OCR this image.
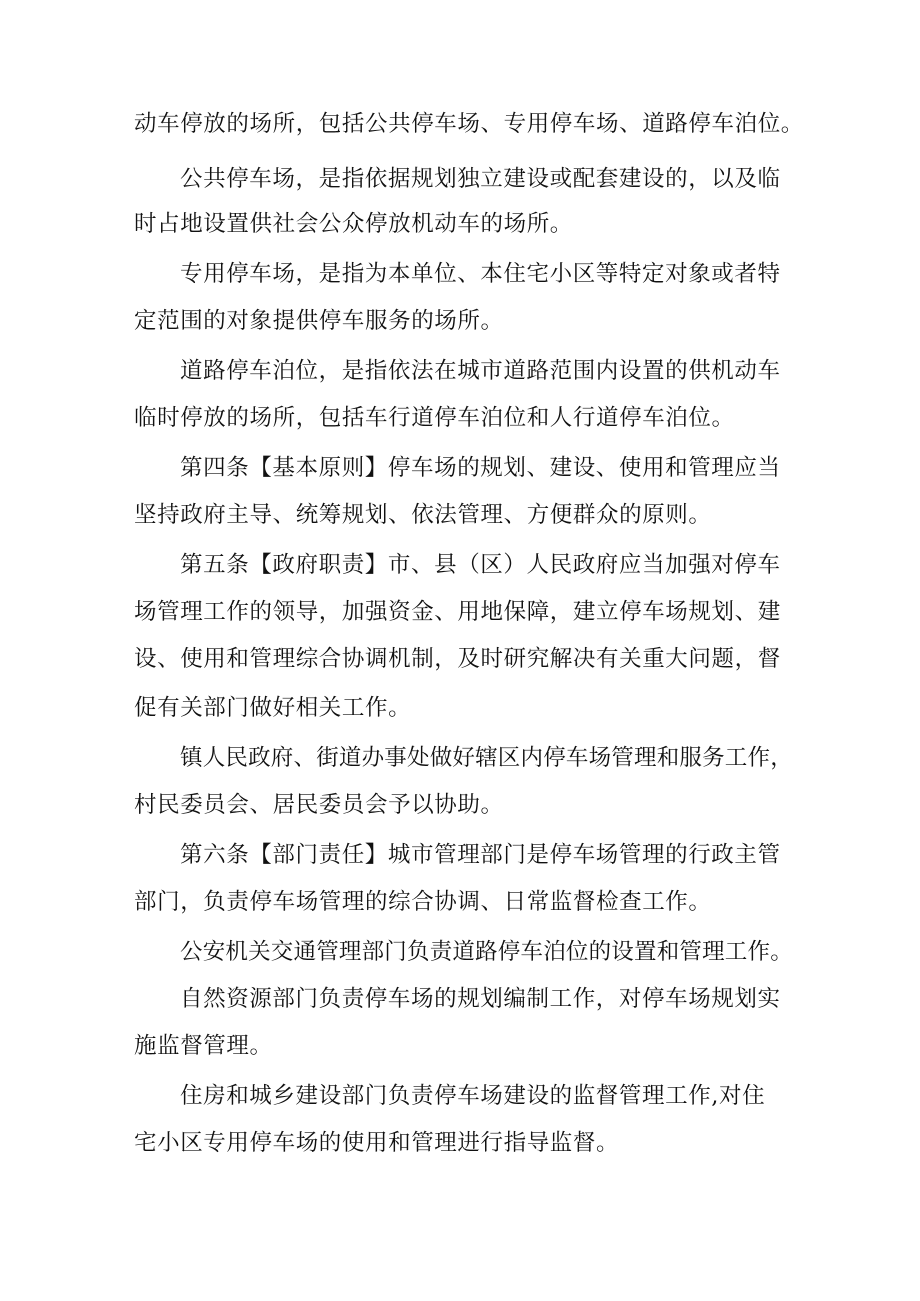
动车停放的场所，包括公共停车场、专用停车场、道路停车泊位。
公共停车场，是指依据规划独立建设或配套建设的，以及临
时占地设置供社会公众停放机动车的场所。
专用停车场，是指为本单位、本住宅小区等特定对象或者特
定范围的对象提供停车服务的场所。
道路停车泊位，是指依法在城市道路范围内设置的供机动车
临时停放的场所，包括车行道停车泊位和人行道停车泊位。
第四条【基本原则】停车场的规划、建设、使用和管理应当
坚持政府主导、统筹规划、依法管理、方便群众的原则。
第五条【政府职责】市、县（区）人民政府应当加强对停车
场管理工作的领导，加强资金、用地保障，建立停车场规划、建
设、使用和管理综合协调机制，及时研究解决有关重大问题，督
促有关部门做好相关工作。
镇人民政府、街道办事处做好辖区内停车场管理和服务工作，
村民委员会、居民委员会予以协助。
第六条【部门责任】城市管理部门是停车场管理的行政主管
部门，负责停车场管理的综合协调、日常监督检查工作。
公安机关交通管理部门负责道路停车泊位的设置和管理工作。
自然资源部门负责停车场的规划编制工作，对停车场规划实
施监督管理。
住房和城乡建设部门负责停车场建设的监督管理工作,对住
宅小区专用停车场的使用和管理进行指导监督。
